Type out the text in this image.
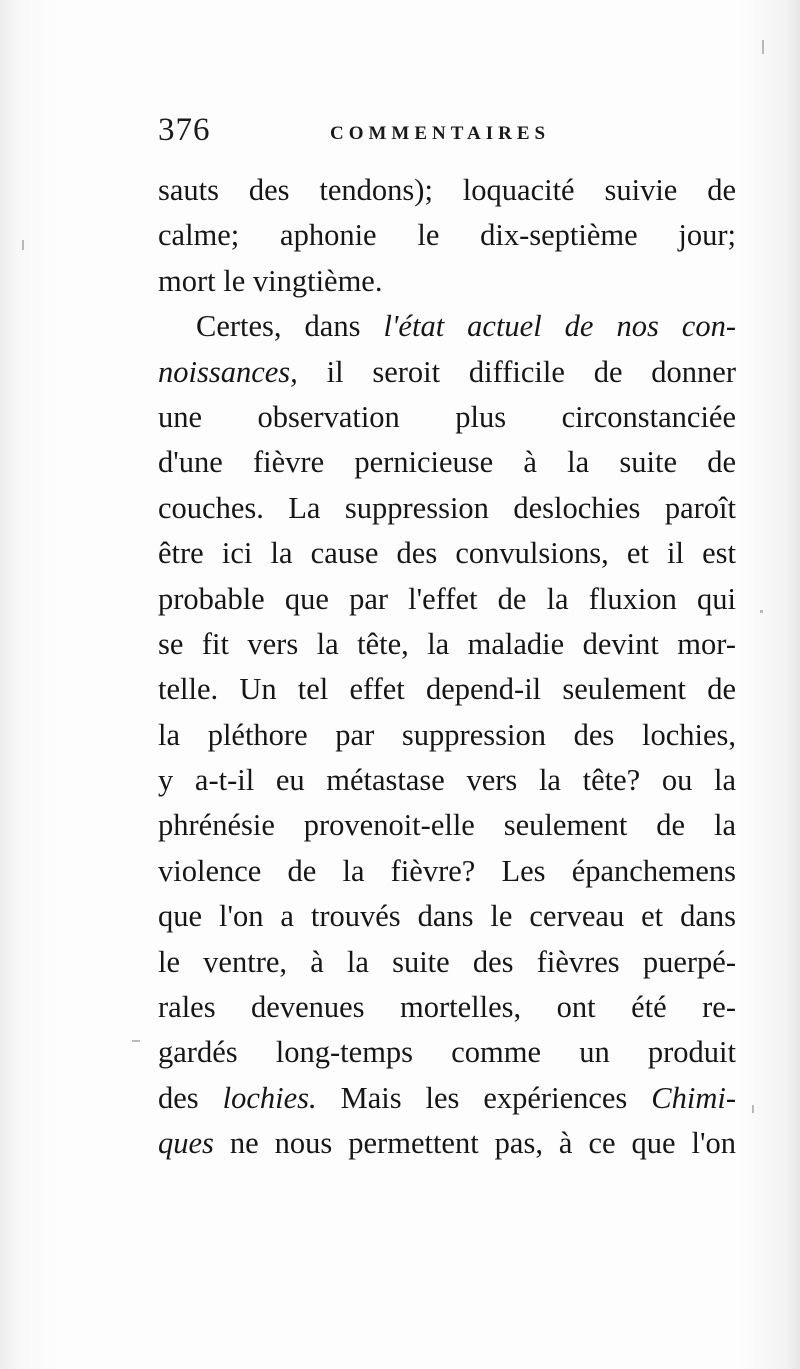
376	COMMENTAIRES
sauts des tendons); loquacité suivie de
calme; aphonie le dix-septième jour;
mort le vingtième.
Certes, dans l'état actuel de nos con-
noissances, il seroit difficile de donner
une observation plus circonstanciée
d'une fièvre pernicieuse à la suite de
couches. La suppression deslochies paroît
être ici la cause des convulsions, et il est
probable que par l'effet de la fluxion qui
se fit vers la tête, la maladie devint mor-
telle. Un tel effet depend-il seulement de
la pléthore par suppression des lochies,
y a-t-il eu métastase vers la tête? ou la
phrénésie provenoit-elle seulement de la
violence de la fièvre? Les épanchemens
que l'on a trouvés dans le cerveau et dans
le ventre, à la suite des fièvres puerpé-
rales devenues mortelles, ont été re-
gardés long-temps comme un produit
des lochies. Mais les expériences Chimi-
ques ne nous permettent pas, à ce que l'on
